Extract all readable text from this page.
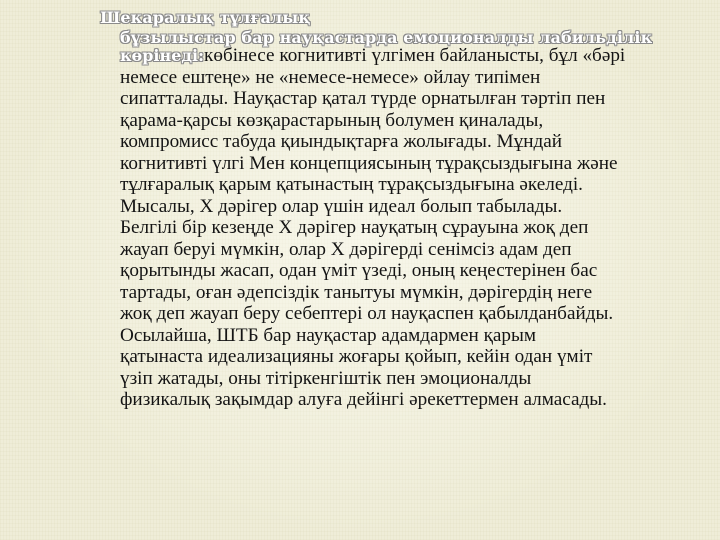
Шекаралық тұлғалық
бұзылыстар бар науқастарда емоционалды лабильділік
көрінеді:көбінесе когнитивті үлгімен байланысты, бұл «бәрі
немесе ештеңе» не «немесе-немесе» ойлау типімен
сипатталады. Науқастар қатал түрде орнатылған тәртіп пен
қарама-қарсы көзқарастарының болумен қиналады,
компромисс табуда қиындықтарға жолығады. Мұндай
когнитивті үлгі Мен концепциясының тұрақсыздығына және
тұлғаралық қарым қатынастың тұрақсыздығына әкеледі.
Мысалы, Х дәрігер олар үшін идеал болып табылады.
Белгілі бір кезеңде Х дәрігер науқатың сұрауына жоқ деп
жауап беруі мүмкін, олар Х дәрігерді сенімсіз адам деп
қорытынды жасап, одан үміт үзеді, оның кеңестерінен бас
тартады, оған әдепсіздік танытуы мүмкін, дәрігердің неге
жоқ деп жауап беру себептері ол науқаспен қабылданбайды.
Осылайша, ШТБ бар науқастар адамдармен қарым
қатынаста идеализацияны жоғары қойып, кейін одан үміт
үзіп жатады, оны тітіркенгіштік пен эмоционалды
физикалық зақымдар алуға дейінгі әрекеттермен алмасады.
